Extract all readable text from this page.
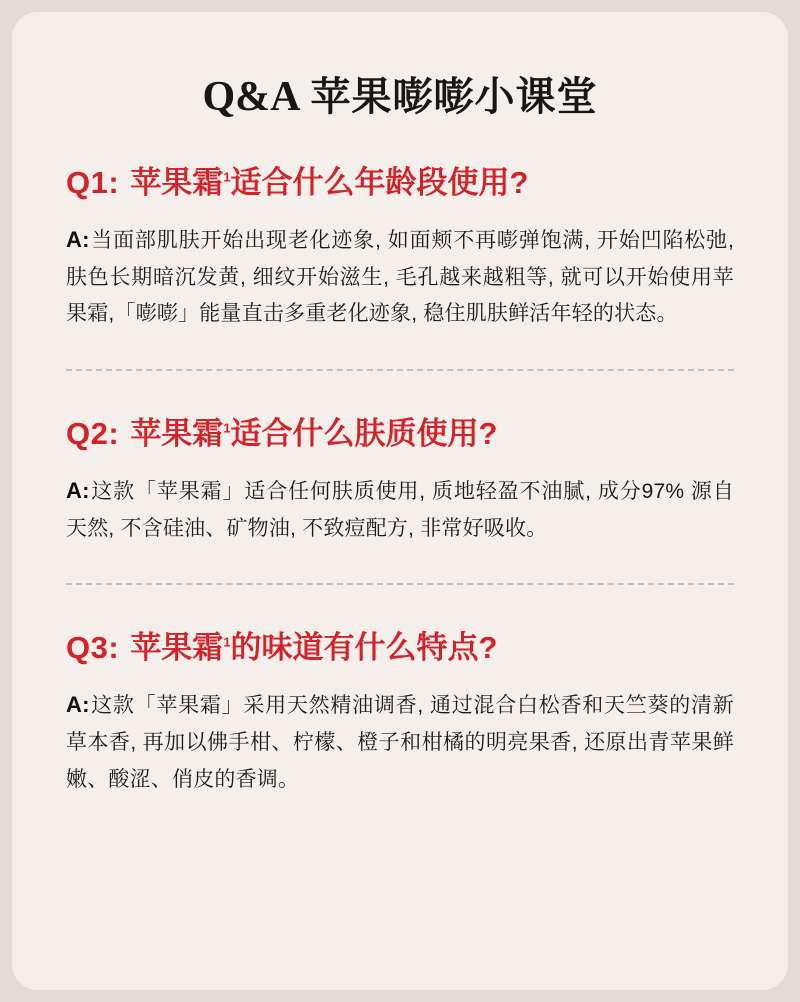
Q&A 苹果嘭嘭小课堂
Q1: 苹果霜$^1$适合什么年龄段使用?
A:当面部肌肤开始出现老化迹象, 如面颊不再嘭弹饱满, 开始凹陷松弛, 肤色长期暗沉发黄, 细纹开始滋生, 毛孔越来越粗等, 就可以开始使用苹果霜,「嘭嘭」能量直击多重老化迹象, 稳住肌肤鲜活年轻的状态。
Q2: 苹果霜$^1$适合什么肤质使用?
A:这款「苹果霜」适合任何肤质使用, 质地轻盈不油腻, 成分97% 源自天然, 不含硅油、矿物油, 不致痘配方, 非常好吸收。
Q3: 苹果霜$^1$的味道有什么特点?
A:这款「苹果霜」采用天然精油调香, 通过混合白松香和天竺葵的清新草本香, 再加以佛手柑、柠檬、橙子和柑橘的明亮果香, 还原出青苹果鲜嫩、酸涩、俏皮的香调。
